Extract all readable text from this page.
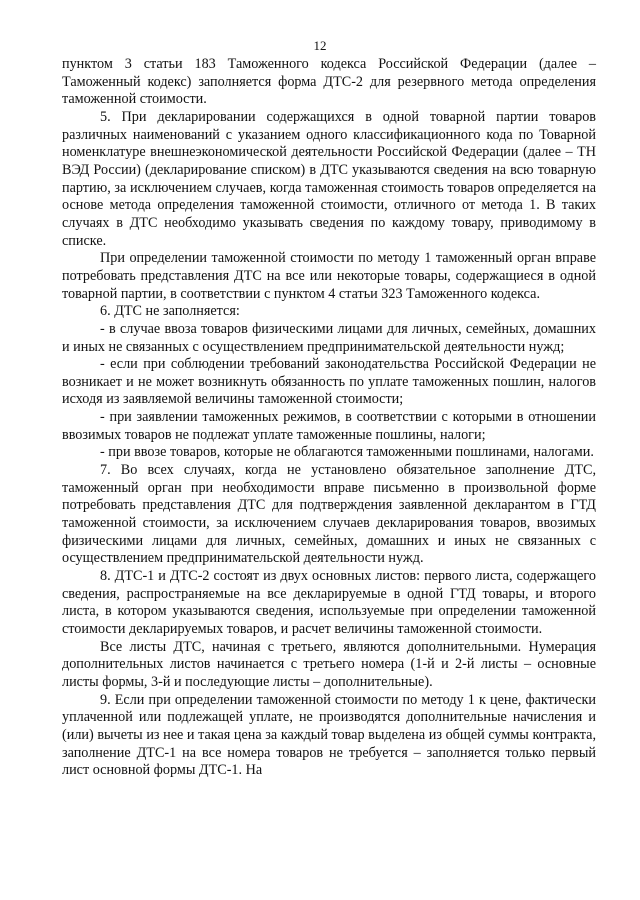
12

пунктом 3 статьи 183 Таможенного кодекса Российской Федерации (далее – Таможенный кодекс) заполняется форма ДТС-2 для резервного метода определения таможенной стоимости.

5. При декларировании содержащихся в одной товарной партии товаров различных наименований с указанием одного классификационного кода по Товарной номенклатуре внешнеэкономической деятельности Российской Федерации (далее – ТН ВЭД России) (декларирование списком) в ДТС указываются сведения на всю товарную партию, за исключением случаев, когда таможенная стоимость товаров определяется на основе метода определения таможенной стоимости, отличного от метода 1. В таких случаях в ДТС необходимо указывать сведения по каждому товару, приводимому в списке.

При определении таможенной стоимости по методу 1 таможенный орган вправе потребовать представления ДТС на все или некоторые товары, содержащиеся в одной товарной партии, в соответствии с пунктом 4 статьи 323 Таможенного кодекса.

6. ДТС не заполняется:

- в случае ввоза товаров физическими лицами для личных, семейных, домашних и иных не связанных с осуществлением предпринимательской деятельности нужд;

- если при соблюдении требований законодательства Российской Федерации не возникает и не может возникнуть обязанность по уплате таможенных пошлин, налогов исходя из заявляемой величины таможенной стоимости;

- при заявлении таможенных режимов, в соответствии с которыми в отношении ввозимых товаров не подлежат уплате таможенные пошлины, налоги;

- при ввозе товаров, которые не облагаются таможенными пошлинами, налогами.

7. Во всех случаях, когда не установлено обязательное заполнение ДТС, таможенный орган при необходимости вправе письменно в произвольной форме потребовать представления ДТС для подтверждения заявленной декларантом в ГТД таможенной стоимости, за исключением случаев декларирования товаров, ввозимых физическими лицами для личных, семейных, домашних и иных не связанных с осуществлением предпринимательской деятельности нужд.

8. ДТС-1 и ДТС-2 состоят из двух основных листов: первого листа, содержащего сведения, распространяемые на все декларируемые в одной ГТД товары, и второго листа, в котором указываются сведения, используемые при определении таможенной стоимости декларируемых товаров, и расчет величины таможенной стоимости.

Все листы ДТС, начиная с третьего, являются дополнительными. Нумерация дополнительных листов начинается с третьего номера (1-й и 2-й листы – основные листы формы, 3-й и последующие листы – дополнительные).

9. Если при определении таможенной стоимости по методу 1 к цене, фактически уплаченной или подлежащей уплате, не производятся дополнительные начисления и (или) вычеты из нее и такая цена за каждый товар выделена из общей суммы контракта, заполнение ДТС-1 на все номера товаров не требуется – заполняется только первый лист основной формы ДТС-1. На
